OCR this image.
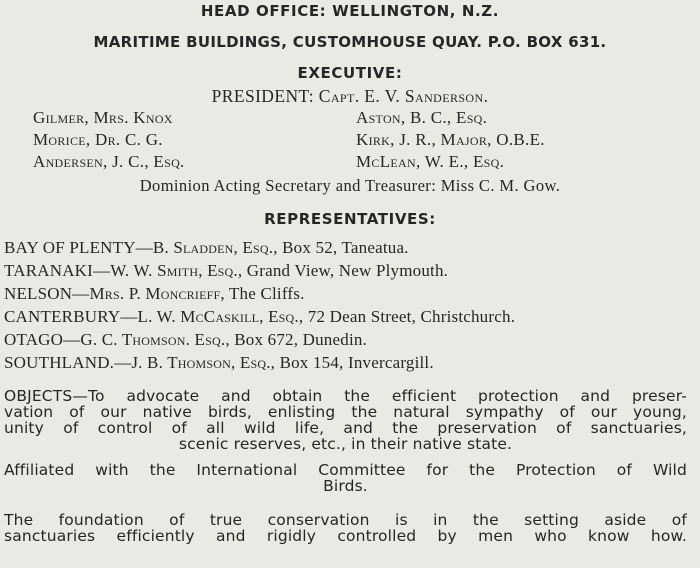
HEAD OFFICE: WELLINGTON, N.Z.
MARITIME BUILDINGS, CUSTOMHOUSE QUAY. P.O. BOX 631.
EXECUTIVE:
PRESIDENT: Capt. E. V. Sanderson.
Gilmer, Mrs. Knox	Aston, B. C., Esq.
Morice, Dr. C. G.	Kirk, J. R., Major, O.B.E.
Andersen, J. C., Esq.	McLean, W. E., Esq.
Dominion Acting Secretary and Treasurer: Miss C. M. Gow.
REPRESENTATIVES:
BAY OF PLENTY—B. Sladden, Esq., Box 52, Taneatua.
TARANAKI—W. W. Smith, Esq., Grand View, New Plymouth.
NELSON—Mrs. P. Moncrieff, The Cliffs.
CANTERBURY—L. W. McCaskill, Esq., 72 Dean Street, Christchurch.
OTAGO—G. C. Thomson. Esq., Box 672, Dunedin.
SOUTHLAND.—J. B. Thomson, Esq., Box 154, Invercargill.
OBJECTS—To advocate and obtain the efficient protection and preser-
vation of our native birds, enlisting the natural sympathy of our young,
unity of control of all wild life, and the preservation of sanctuaries,
scenic reserves, etc., in their native state.
Affiliated with the International Committee for the Protection of Wild
Birds.
The foundation of true conservation is in the setting aside of
sanctuaries efficiently and rigidly controlled by men who know how.
